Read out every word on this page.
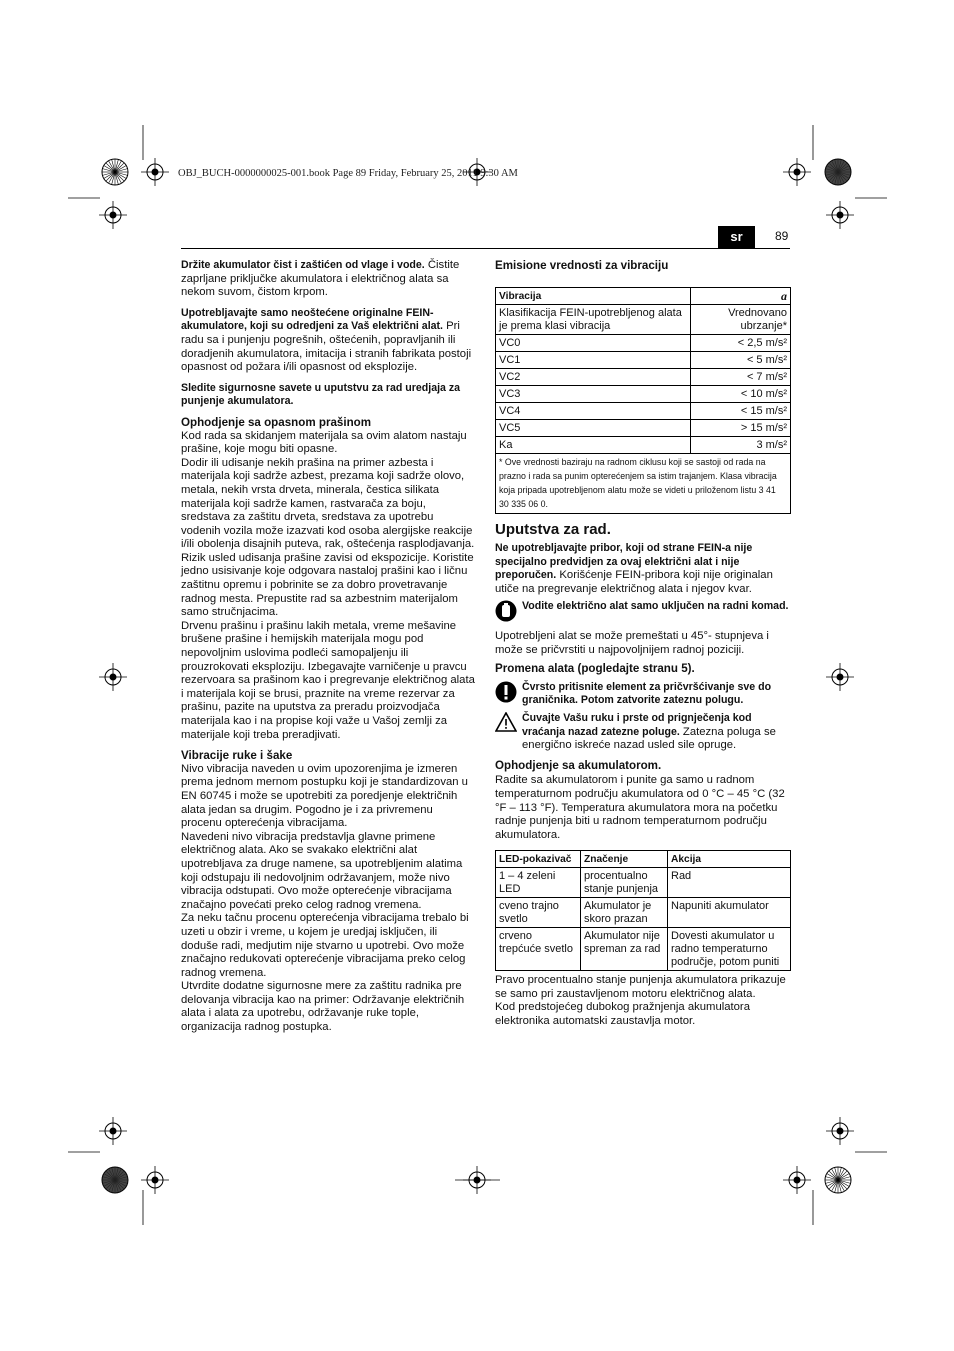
OBJ_BUCH-0000000025-001.book Page 89 Friday, February 25, 2011 9:30 AM
sr	89

Držite akumulator čist i zaštićen od vlage i vode. Čistite zaprljane priključke akumulatora i električnog alata sa nekom suvom, čistom krpom.

Upotrebljavajte samo neoštećene originalne FEIN-akumulatore, koji su odredjeni za Vaš električni alat. Pri radu sa i punjenju pogrešnih, oštećenih, popravljanih ili doradjenih akumulatora, imitacija i stranih fabrikata postoji opasnost od požara i/ili opasnost od eksplozije.

Sledite sigurnosne savete u uputstvu za rad uredjaja za punjenje akumulatora.

Ophodjenje sa opasnom prašinom

Kod rada sa skidanjem materijala sa ovim alatom nastaju prašine, koje mogu biti opasne.

Dodir ili udisanje nekih prašina na primer azbesta i materijala koji sadrže azbest, prezama koji sadrže olovo, metala, nekih vrsta drveta, minerala, čestica silikata materijala koji sadrže kamen, rastvarača za boju, sredstava za zaštitu drveta, sredstava za upotrebu vodenih vozila može izazvati kod osoba alergijske reakcije i/ili obolenja disajnih puteva, rak, oštećenja rasplodjavanja. Rizik usled udisanja prašine zavisi od ekspozicije. Koristite jedno usisivanje koje odgovara nastaloj prašini kao i ličnu zaštitnu opremu i pobrinite se za dobro provetravanje radnog mesta. Prepustite rad sa azbestnim materijalom samo stručnjacima.

Drvenu prašinu i prašinu lakih metala, vreme mešavine brušene prašine i hemijskih materijala mogu pod nepovoljnim uslovima podleći samopaljenju ili prouzrokovati eksploziju. Izbegavajte varničenje u pravcu rezervoara sa prašinom kao i pregrevanje električnog alata i materijala koji se brusi, praznite na vreme rezervar za prašinu, pazite na uputstva za preradu proizvodjača materijala kao i na propise koji važe u Vašoj zemlji za materijale koji treba preradjivati.

Vibracije ruke i šake

Nivo vibracija naveden u ovim upozorenjima je izmeren prema jednom mernom postupku koji je standardizovan u EN 60745 i može se upotrebiti za poredjenje električnih alata jedan sa drugim. Pogodno je i za privremenu procenu opterećenja vibracijama.

Navedeni nivo vibracija predstavlja glavne primene električnog alata. Ako se svakako električni alat upotrebljava za druge namene, sa upotrebljenim alatima koji odstupaju ili nedovoljnim održavanjem, može nivo vibracija odstupati. Ovo može opterećenje vibracijama značajno povećati preko celog radnog vremena.

Za neku tačnu procenu opterećenja vibracijama trebalo bi uzeti u obzir i vreme, u kojem je uredjaj isključen, ili doduše radi, medjutim nije stvarno u upotrebi. Ovo može značajno redukovati opterećenje vibracijama preko celog radnog vremena.

Utvrdite dodatne sigurnosne mere za zaštitu radnika pre delovanja vibracija kao na primer: Održavanje električnih alata i alata za upotrebu, održavanje ruke tople, organizacija radnog postupka.

Emisione vrednosti za vibraciju

Vibracija	a
Klasifikacija FEIN-upotrebljenog alata je prema klasi vibracija	Vrednovano ubrzanje*
VC0	< 2,5 m/s²
VC1	< 5 m/s²
VC2	< 7 m/s²
VC3	< 10 m/s²
VC4	< 15 m/s²
VC5	> 15 m/s²
Ka	3 m/s²
* Ove vrednosti baziraju na radnom ciklusu koji se sastoji od rada na prazno i rada sa punim opterećenjem sa istim trajanjem. Klasa vibracija koja pripada upotrebljenom alatu može se videti u priloženom listu 3 41 30 335 06 0.

Uputstva za rad.

Ne upotrebljavajte pribor, koji od strane FEIN-a nije specijalno predvidjen za ovaj električni alat i nije preporučen. Korišćenje FEIN-pribora koji nije originalan utiče na pregrevanje električnog alata i njegov kvar.

Vodite električno alat samo uključen na radni komad.

Upotrebljeni alat se može premeštati u 45°- stupnjeva i može se pričvrstiti u najpovoljnijem radnoj poziciji.

Promena alata (pogledajte stranu 5).

Čvrsto pritisnite element za pričvršćivanje sve do graničnika. Potom zatvorite zateznu polugu.

Čuvajte Vašu ruku i prste od prignječenja kod vraćanja nazad zatezne poluge. Zatezna poluga se energično iskreće nazad usled sile opruge.

Ophodjenje sa akumulatorom.

Radite sa akumulatorom i punite ga samo u radnom temperaturnom području akumulatora od 0 °C – 45 °C (32 °F – 113 °F). Temperatura akumulatora mora na početku radnje punjenja biti u radnom temperaturnom području akumulatora.

LED-pokazivač	Značenje	Akcija
1 – 4 zeleni LED	procentualno stanje punjenja	Rad
cveno trajno svetlo	Akumulator je skoro prazan	Napuniti akumulator
crveno trepćuće svetlo	Akumulator nije spreman za rad	Dovesti akumulator u radno temperaturno područje, potom puniti

Pravo procentualno stanje punjenja akumulatora prikazuje se samo pri zaustavljenom motoru električnog alata.

Kod predstojećeg dubokog pražnjenja akumulatora elektronika automatski zaustavlja motor.
